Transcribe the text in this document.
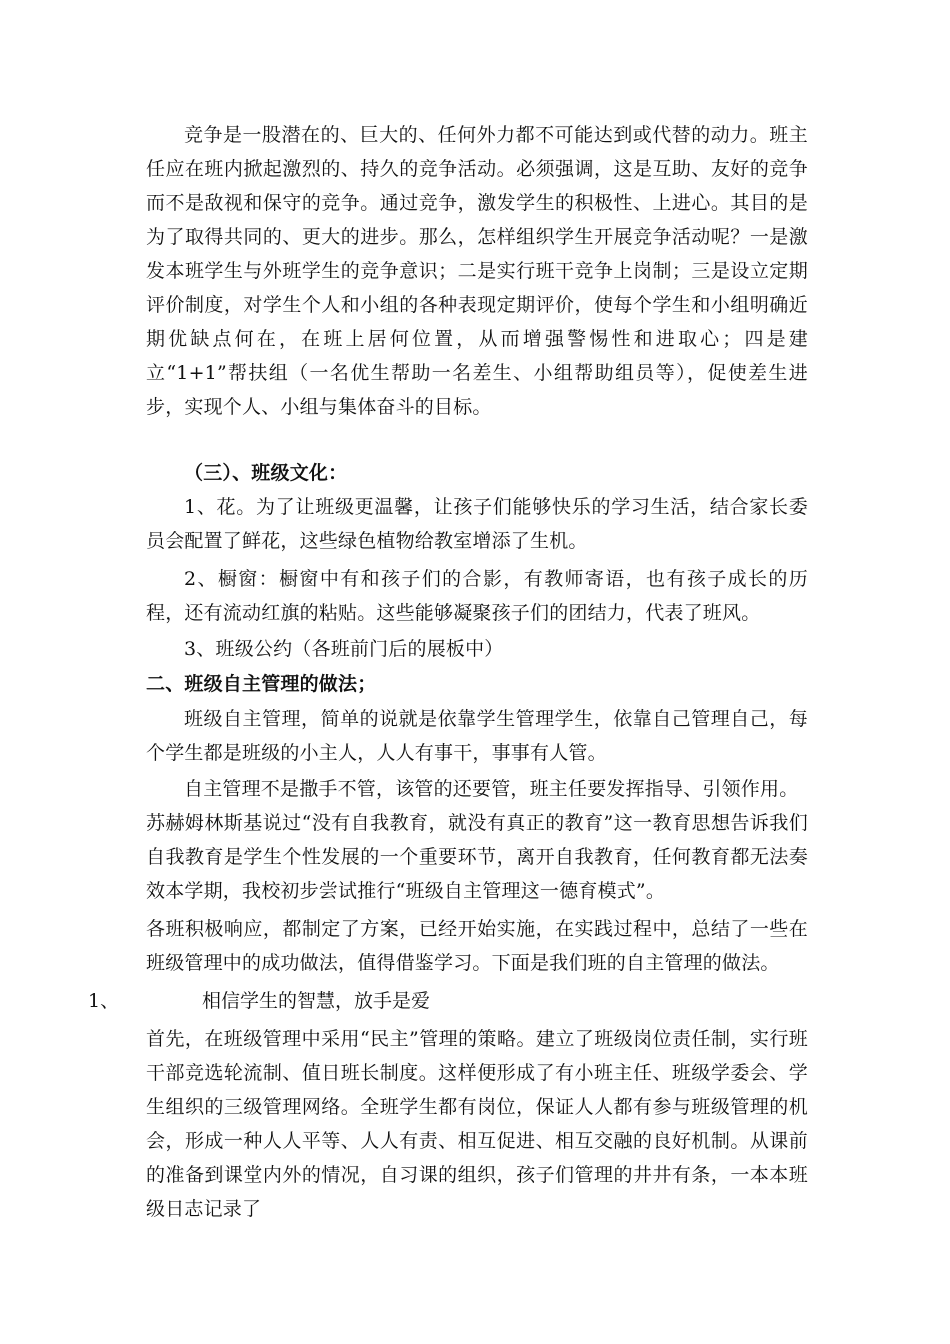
竞争是一股潜在的、巨大的、任何外力都不可能达到或代替的动力。班主任应在班内掀起激烈的、持久的竞争活动。必须强调，这是互助、友好的竞争而不是敌视和保守的竞争。通过竞争，激发学生的积极性、上进心。其目的是为了取得共同的、更大的进步。那么，怎样组织学生开展竞争活动呢？一是激发本班学生与外班学生的竞争意识；二是实行班干竞争上岗制；三是设立定期评价制度，对学生个人和小组的各种表现定期评价，使每个学生和小组明确近期优缺点何在，在班上居何位置，从而增强警惕性和进取心；四是建立“1+1”帮扶组（一名优生帮助一名差生、小组帮助组员等），促使差生进步，实现个人、小组与集体奋斗的目标。
（三）、班级文化：
1、花。为了让班级更温馨，让孩子们能够快乐的学习生活，结合家长委员会配置了鲜花，这些绿色植物给教室增添了生机。
2、橱窗：橱窗中有和孩子们的合影，有教师寄语，也有孩子成长的历程，还有流动红旗的粘贴。这些能够凝聚孩子们的团结力，代表了班风。
3、班级公约（各班前门后的展板中）
二、班级自主管理的做法；
班级自主管理，简单的说就是依靠学生管理学生，依靠自己管理自己，每个学生都是班级的小主人，人人有事干，事事有人管。
自主管理不是撒手不管，该管的还要管，班主任要发挥指导、引领作用。
苏赫姆林斯基说过“没有自我教育，就没有真正的教育”这一教育思想告诉我们自我教育是学生个性发展的一个重要环节，离开自我教育，任何教育都无法奏效本学期，我校初步尝试推行“班级自主管理这一德育模式”。
各班积极响应，都制定了方案，已经开始实施，在实践过程中，总结了一些在班级管理中的成功做法，值得借鉴学习。下面是我们班的自主管理的做法。
1、	相信学生的智慧，放手是爱
首先，在班级管理中采用“民主”管理的策略。建立了班级岗位责任制，实行班干部竞选轮流制、值日班长制度。这样便形成了有小班主任、班级学委会、学生组织的三级管理网络。全班学生都有岗位，保证人人都有参与班级管理的机会，形成一种人人平等、人人有责、相互促进、相互交融的良好机制。从课前的准备到课堂内外的情况，自习课的组织，孩子们管理的井井有条，一本本班级日志记录了
